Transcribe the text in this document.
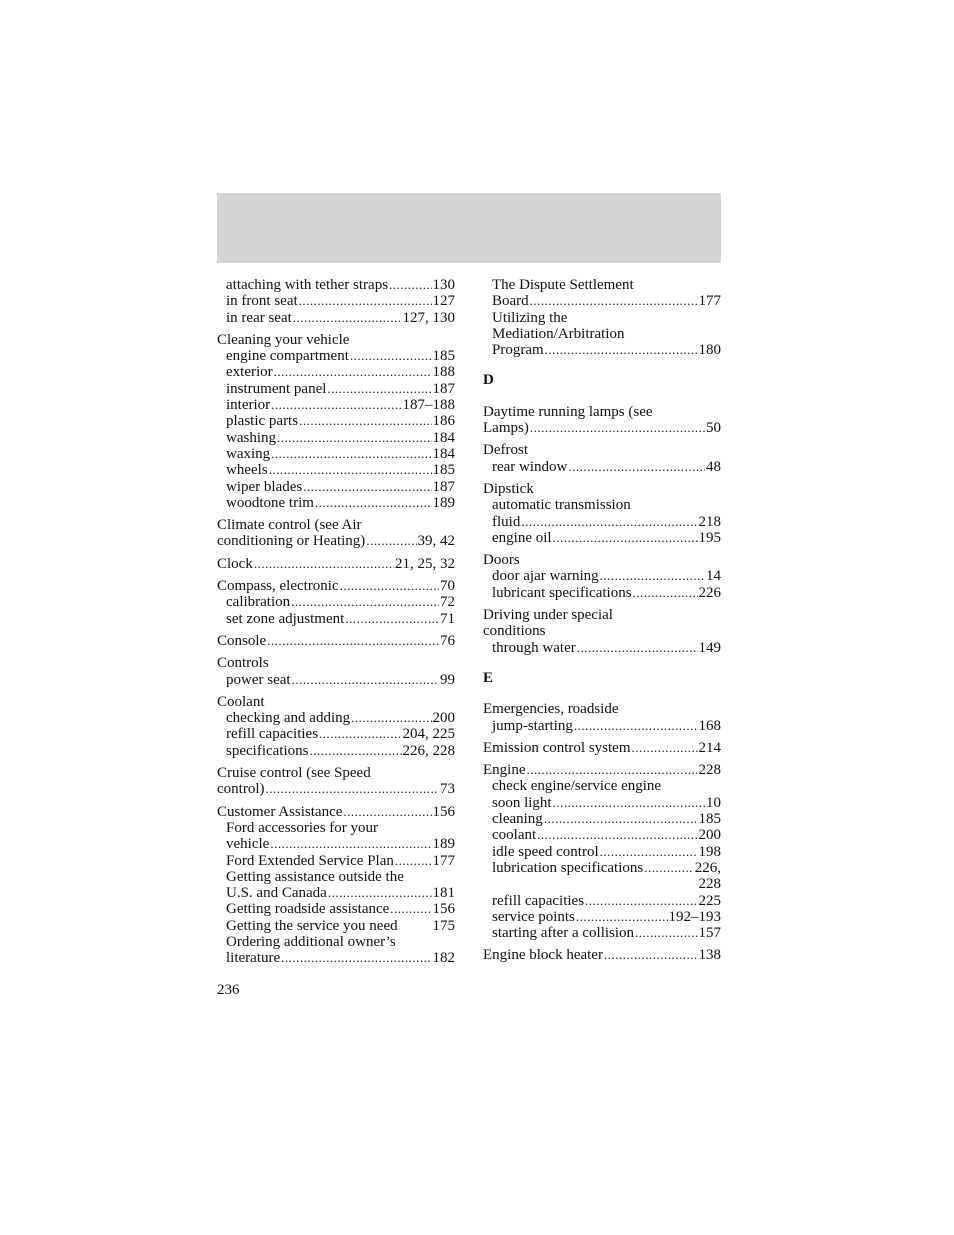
attaching with tether straps .....	130
in front seat .....	127
in rear seat .....	127, 130
Cleaning your vehicle
engine compartment .....	185
exterior .....	188
instrument panel .....	187
interior .....	187–188
plastic parts .....	186
washing .....	184
waxing .....	184
wheels .....	185
wiper blades .....	187
woodtone trim .....	189
Climate control (see Air
conditioning or Heating) .....	39, 42
Clock .....	21, 25, 32
Compass, electronic .....	70
calibration .....	72
set zone adjustment .....	71
Console .....	76
Controls
power seat .....	99
Coolant
checking and adding .....	200
refill capacities .....	204, 225
specifications .....	226, 228
Cruise control (see Speed
control) .....	73
Customer Assistance .....	156
Ford accessories for your
vehicle .....	189
Ford Extended Service Plan .....	177
Getting assistance outside the
U.S. and Canada .....	181
Getting roadside assistance .....	156
Getting the service you need 175
Ordering additional owner’s
literature .....	182
The Dispute Settlement
Board .....	177
Utilizing the
Mediation/Arbitration
Program .....	180
D
Daytime running lamps (see
Lamps) .....	50
Defrost
rear window .....	48
Dipstick
automatic transmission
fluid .....	218
engine oil .....	195
Doors
door ajar warning .....	14
lubricant specifications .....	226
Driving under special
conditions
through water .....	149
E
Emergencies, roadside
jump-starting .....	168
Emission control system .....	214
Engine .....	228
check engine/service engine
soon light .....	10
cleaning .....	185
coolant .....	200
idle speed control .....	198
lubrication specifications .....	226,
228
refill capacities .....	225
service points .....	192–193
starting after a collision .....	157
Engine block heater .....	138
236
